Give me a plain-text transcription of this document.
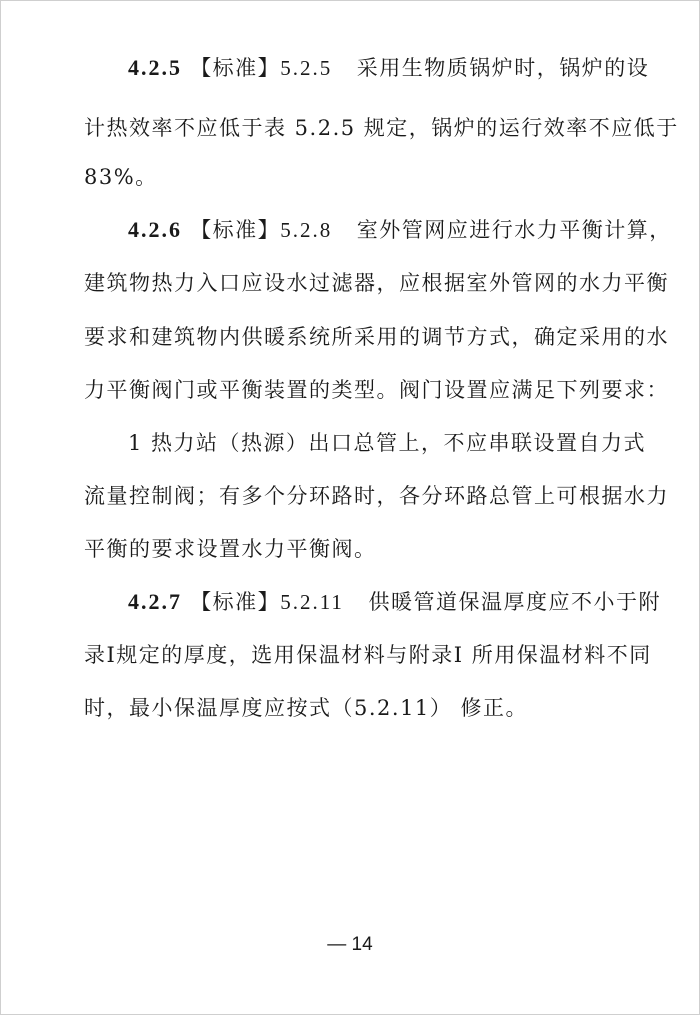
4.2.5 【标准】5.2.5 采用生物质锅炉时，锅炉的设
计热效率不应低于表 5.2.5 规定，锅炉的运行效率不应低于
83%。
4.2.6 【标准】5.2.8 室外管网应进行水力平衡计算，
建筑物热力入口应设水过滤器，应根据室外管网的水力平衡
要求和建筑物内供暖系统所采用的调节方式，确定采用的水
力平衡阀门或平衡装置的类型。阀门设置应满足下列要求：
1 热力站（热源）出口总管上，不应串联设置自力式
流量控制阀；有多个分环路时，各分环路总管上可根据水力
平衡的要求设置水力平衡阀。
4.2.7 【标准】5.2.11 供暖管道保温厚度应不小于附
录Ⅰ规定的厚度，选用保温材料与附录Ⅰ 所用保温材料不同
时，最小保温厚度应按式（5.2.11） 修正。
— 14
